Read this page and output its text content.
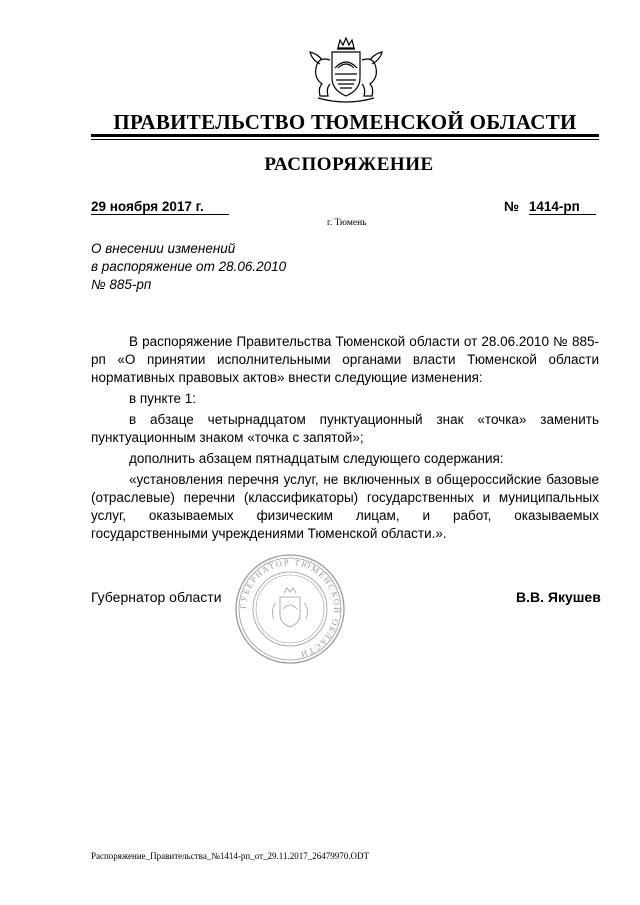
ПРАВИТЕЛЬСТВО ТЮМЕНСКОЙ ОБЛАСТИ
РАСПОРЯЖЕНИЕ
29 ноября 2017 г.	№ 1414-рп
г. Тюмень
О внесении изменений
в распоряжение от 28.06.2010
№ 885-рп

В распоряжение Правительства Тюменской области от 28.06.2010 № 885-рп «О принятии исполнительными органами власти Тюменской области нормативных правовых актов» внести следующие изменения:

в пункте 1:

в абзаце четырнадцатом пунктуационный знак «точка» заменить пунктуационным знаком «точка с запятой»;

дополнить абзацем пятнадцатым следующего содержания:

«установления перечня услуг, не включенных в общероссийские базовые (отраслевые) перечни (классификаторы) государственных и муниципальных услуг, оказываемых физическим лицам, и работ, оказываемых государственными учреждениями Тюменской области.».

ГУБЕРНАТОР ТЮМЕНСКОЙ ОБЛАСТИ
Губернатор области	В.В. Якушев
Распоряжение_Правительства_№1414-рп_от_29.11.2017_26479970.ODT
